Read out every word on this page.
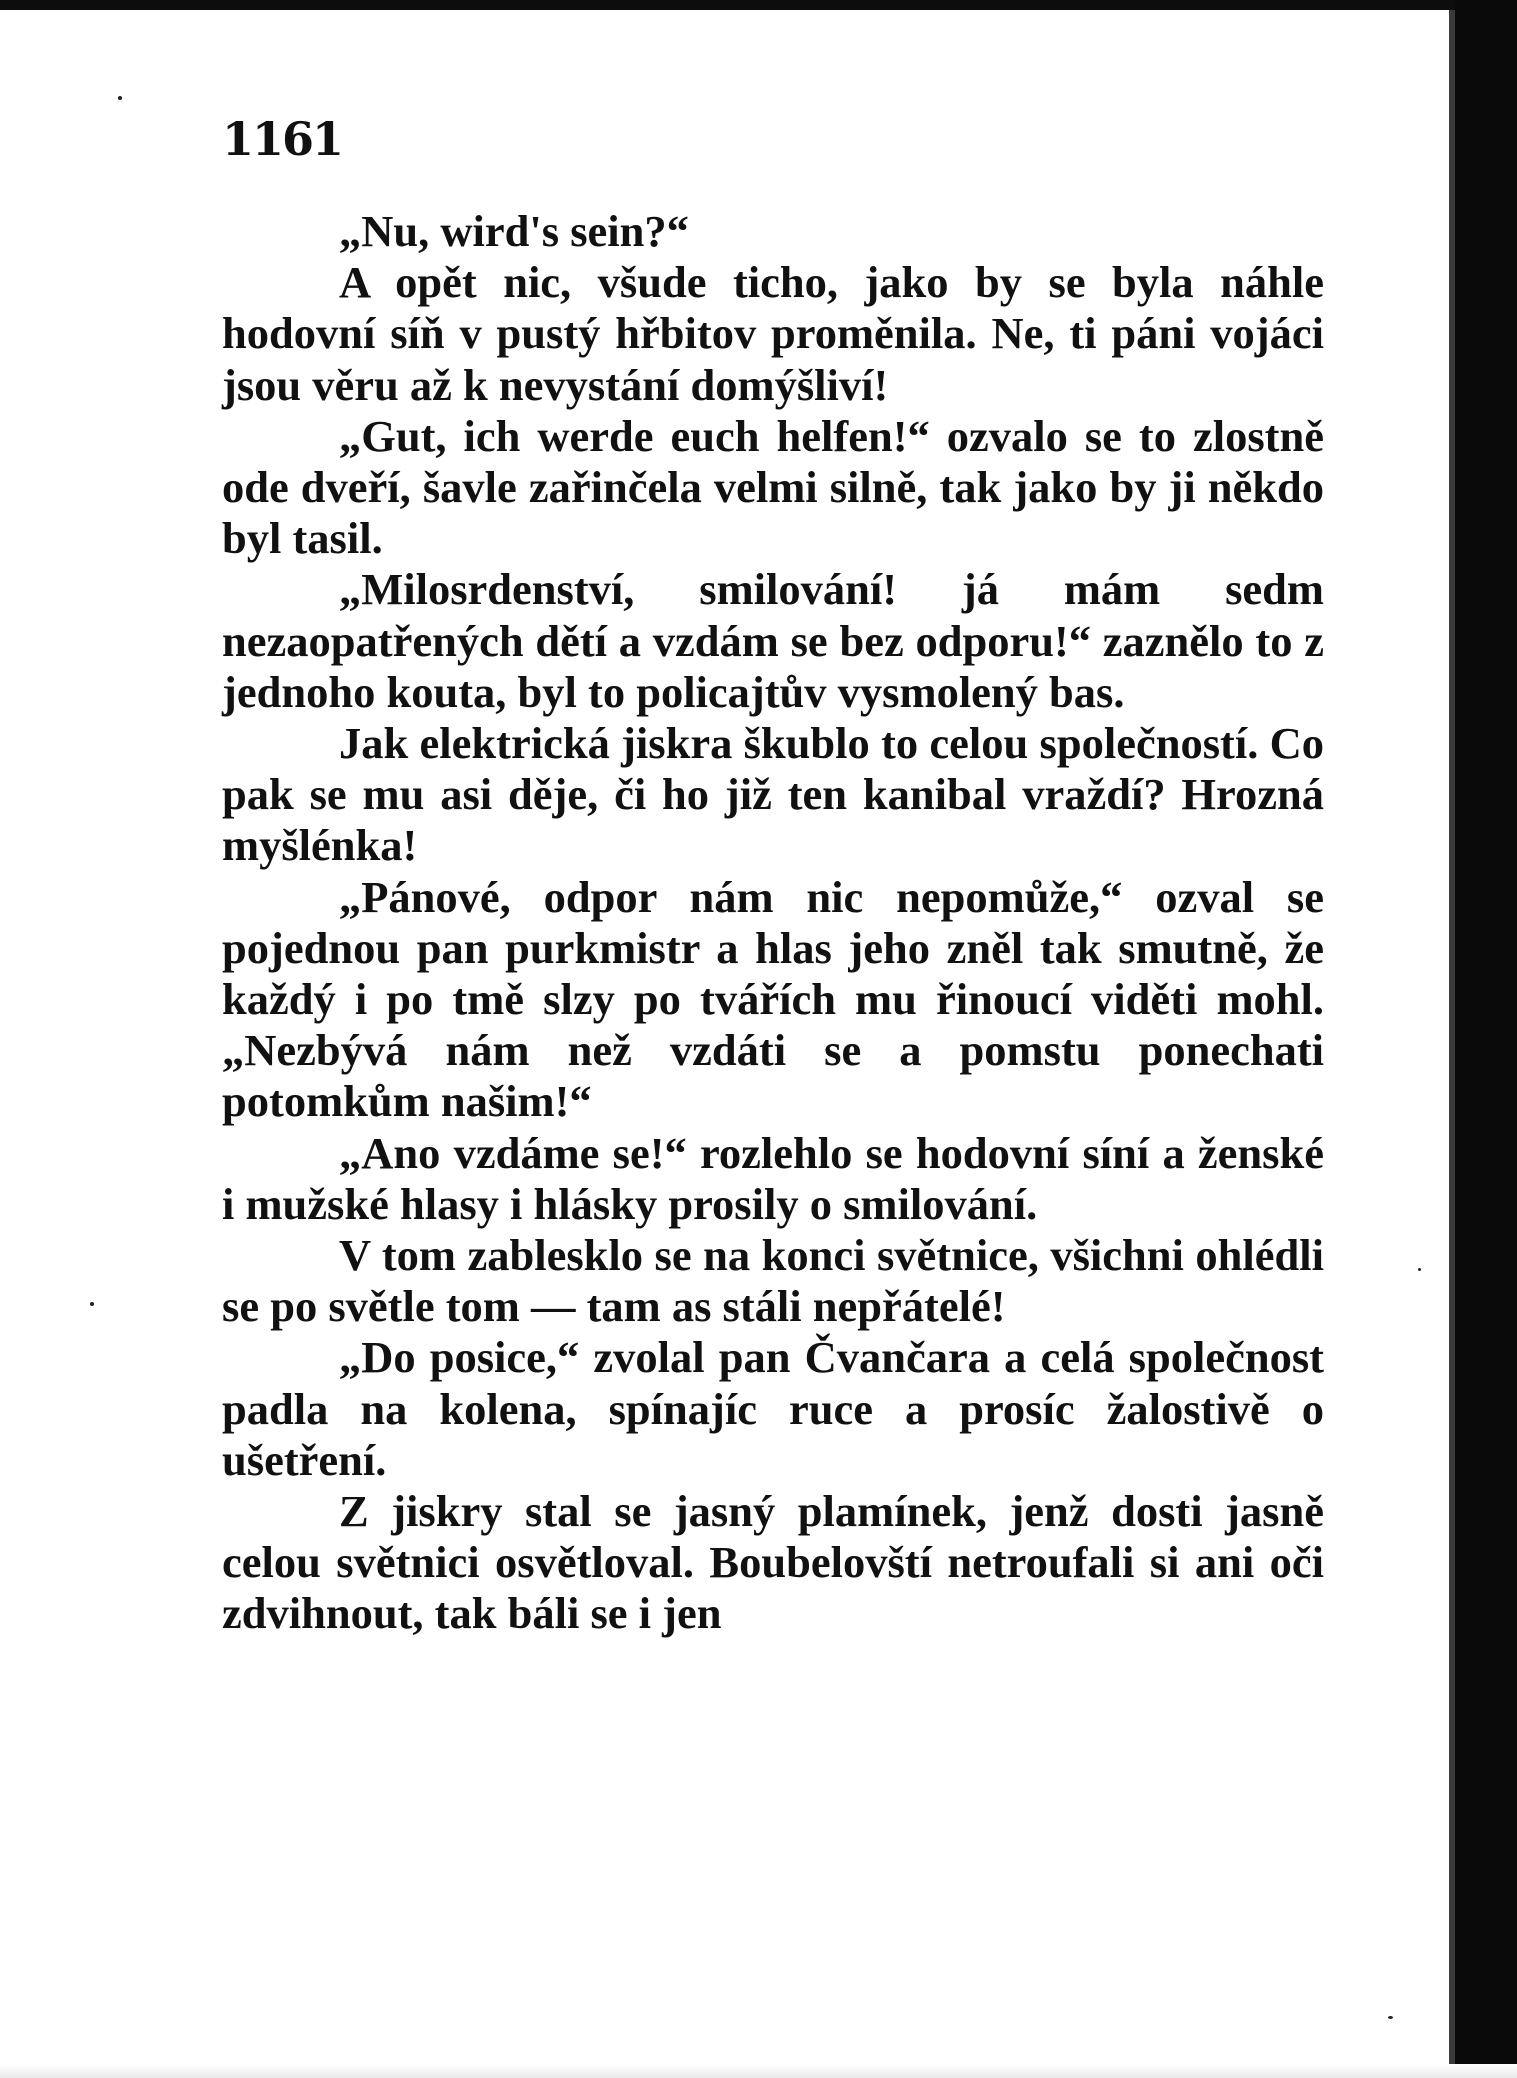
1161

„Nu, wird's sein?“

A opět nic, všude ticho, jako by se byla náhle hodovní síň v pustý hřbitov proměnila. Ne, ti páni vojáci jsou věru až k nevystání domýšliví!

„Gut, ich werde euch helfen!“ ozvalo se to zlostně ode dveří, šavle zařinčela velmi silně, tak jako by ji někdo byl tasil.

„Milosrdenství, smilování! já mám sedm nezaopatřených dětí a vzdám se bez odporu!“ zaznělo to z jednoho kouta, byl to policajtův vysmolený bas.

Jak elektrická jiskra škublo to celou společností. Co pak se mu asi děje, či ho již ten kanibal vraždí? Hrozná myšlénka!

„Pánové, odpor nám nic nepomůže,“ ozval se pojednou pan purkmistr a hlas jeho zněl tak smutně, že každý i po tmě slzy po tvářích mu řinoucí viděti mohl. „Nezbývá nám než vzdáti se a pomstu ponechati potomkům našim!“

„Ano vzdáme se!“ rozlehlo se hodovní síní a ženské i mužské hlasy i hlásky prosily o smilování.

V tom zablesklo se na konci světnice, všichni ohlédli se po světle tom — tam as stáli nepřátelé!

„Do posice,“ zvolal pan Čvančara a celá společnost padla na kolena, spínajíc ruce a prosíc žalostivě o ušetření.

Z jiskry stal se jasný plamínek, jenž dosti jasně celou světnici osvětloval. Boubelovští netroufali si ani oči zdvihnout, tak báli se i jen
